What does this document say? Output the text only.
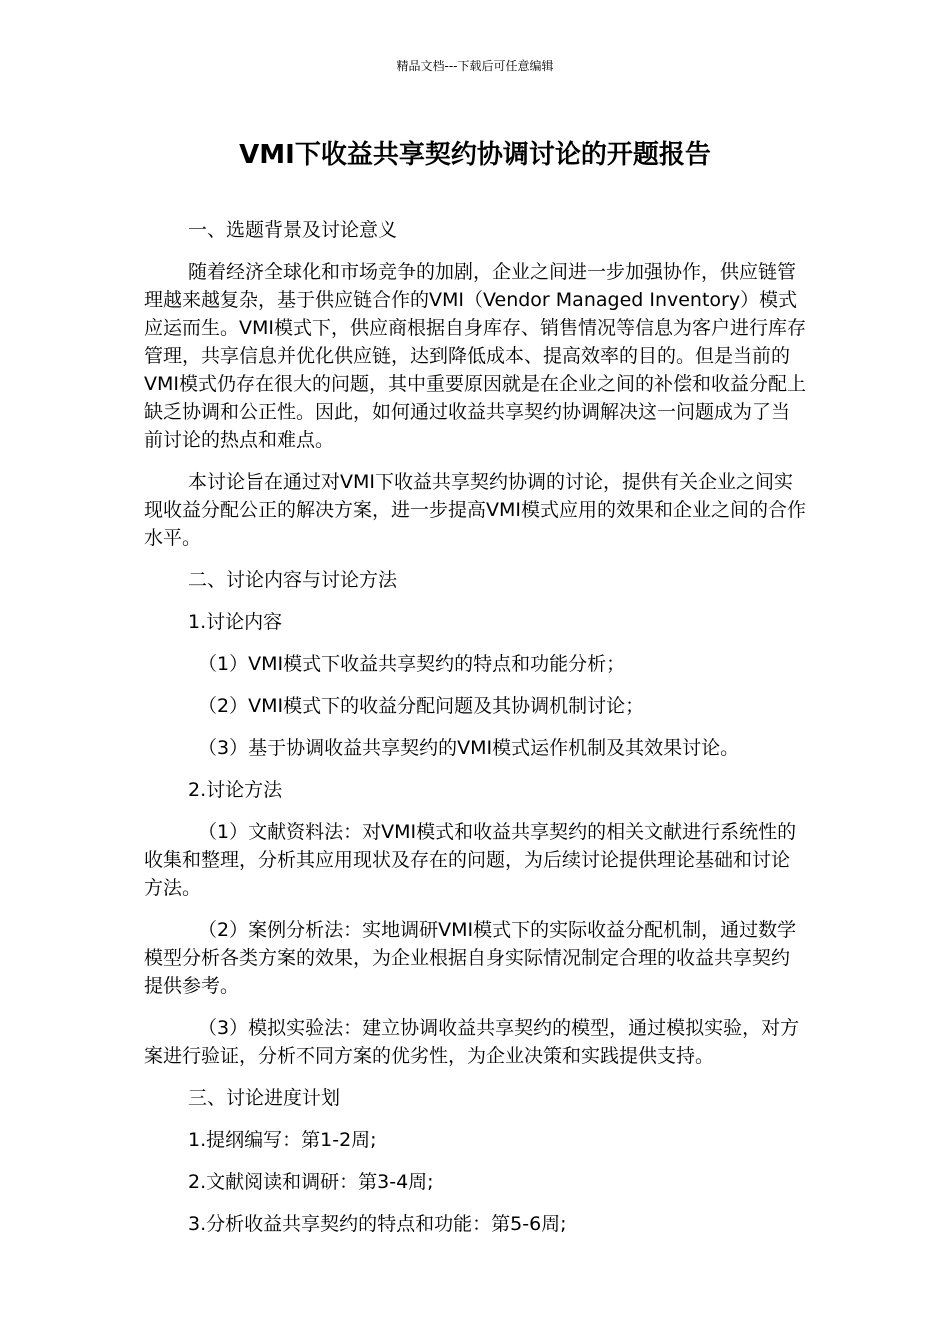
精品文档---下载后可任意编辑
VMI下收益共享契约协调讨论的开题报告

一、选题背景及讨论意义

随着经济全球化和市场竞争的加剧，企业之间进一步加强协作，供应链管理越来越复杂，基于供应链合作的VMI（Vendor Managed Inventory）模式应运而生。VMI模式下，供应商根据自身库存、销售情况等信息为客户进行库存管理，共享信息并优化供应链，达到降低成本、提高效率的目的。但是当前的VMI模式仍存在很大的问题，其中重要原因就是在企业之间的补偿和收益分配上缺乏协调和公正性。因此，如何通过收益共享契约协调解决这一问题成为了当前讨论的热点和难点。

本讨论旨在通过对VMI下收益共享契约协调的讨论，提供有关企业之间实现收益分配公正的解决方案，进一步提高VMI模式应用的效果和企业之间的合作水平。

二、讨论内容与讨论方法

1.讨论内容

（1）VMI模式下收益共享契约的特点和功能分析；

（2）VMI模式下的收益分配问题及其协调机制讨论；

（3）基于协调收益共享契约的VMI模式运作机制及其效果讨论。

2.讨论方法

（1）文献资料法：对VMI模式和收益共享契约的相关文献进行系统性的收集和整理，分析其应用现状及存在的问题，为后续讨论提供理论基础和讨论方法。

（2）案例分析法：实地调研VMI模式下的实际收益分配机制，通过数学模型分析各类方案的效果，为企业根据自身实际情况制定合理的收益共享契约提供参考。

（3）模拟实验法：建立协调收益共享契约的模型，通过模拟实验，对方案进行验证，分析不同方案的优劣性，为企业决策和实践提供支持。

三、讨论进度计划

1.提纲编写：第1-2周;

2.文献阅读和调研：第3-4周;

3.分析收益共享契约的特点和功能：第5-6周;
